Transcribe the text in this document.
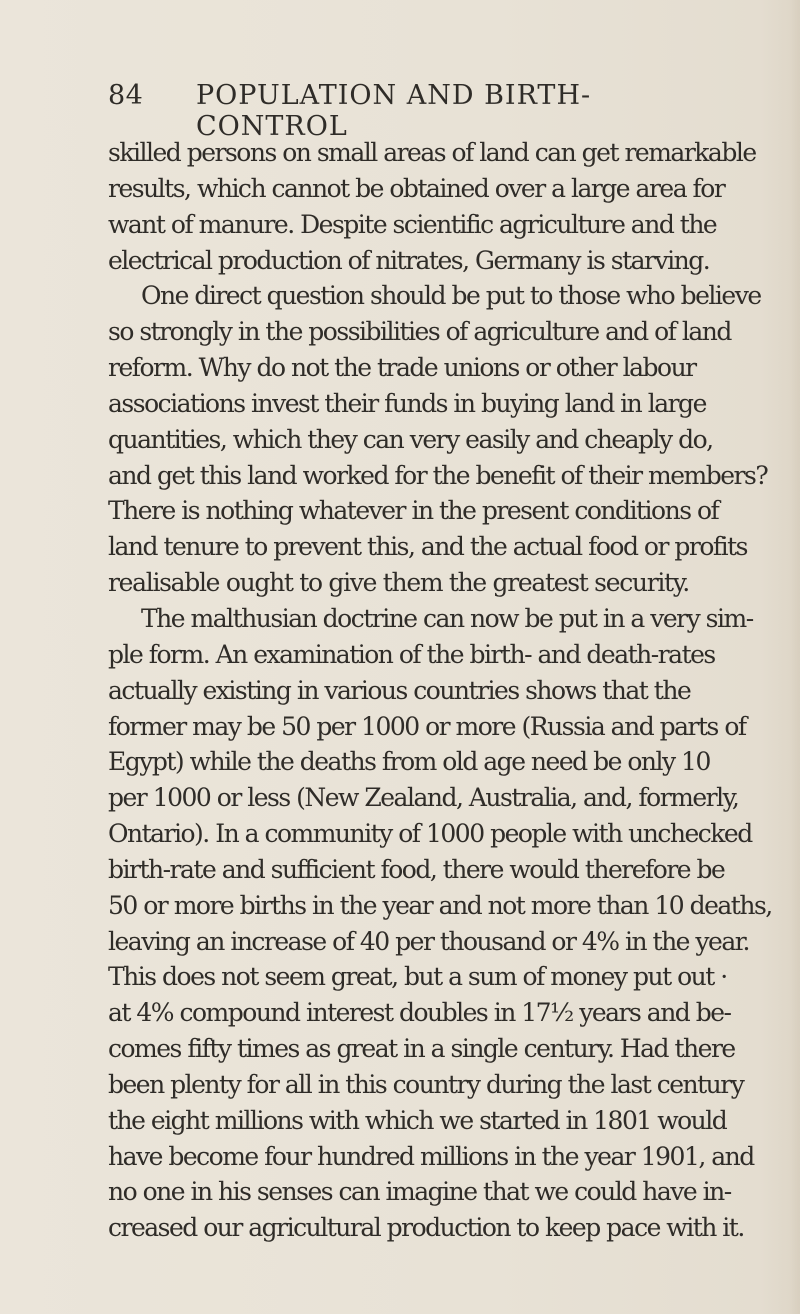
84 POPULATION AND BIRTH-CONTROL
skilled persons on small areas of land can get remarkable
results, which cannot be obtained over a large area for
want of manure. Despite scientific agriculture and the
electrical production of nitrates, Germany is starving.
One direct question should be put to those who believe
so strongly in the possibilities of agriculture and of land
reform. Why do not the trade unions or other labour
associations invest their funds in buying land in large
quantities, which they can very easily and cheaply do,
and get this land worked for the benefit of their members?
There is nothing whatever in the present conditions of
land tenure to prevent this, and the actual food or profits
realisable ought to give them the greatest security.
The malthusian doctrine can now be put in a very sim-
ple form. An examination of the birth- and death-rates
actually existing in various countries shows that the
former may be 50 per 1000 or more (Russia and parts of
Egypt) while the deaths from old age need be only 10
per 1000 or less (New Zealand, Australia, and, formerly,
Ontario). In a community of 1000 people with unchecked
birth-rate and sufficient food, there would therefore be
50 or more births in the year and not more than 10 deaths,
leaving an increase of 40 per thousand or 4% in the year.
This does not seem great, but a sum of money put out ·
at 4% compound interest doubles in 17½ years and be-
comes fifty times as great in a single century. Had there
been plenty for all in this country during the last century
the eight millions with which we started in 1801 would
have become four hundred millions in the year 1901, and
no one in his senses can imagine that we could have in-
creased our agricultural production to keep pace with it.
